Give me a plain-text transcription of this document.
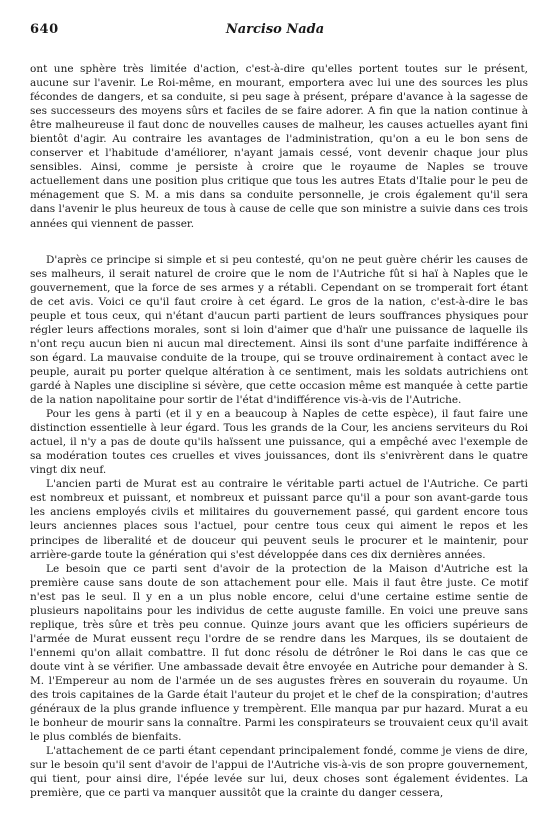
640	Narciso Nada

ont une sphère très limitée d'action, c'est-à-dire qu'elles portent toutes sur le présent, aucune sur l'avenir. Le Roi-même, en mourant, emportera avec lui une des sources les plus fécondes de dangers, et sa conduite, si peu sage à présent, prépare d'avance à la sagesse de ses successeurs des moyens sûrs et faciles de se faire adorer. A fin que la nation continue à être malheureuse il faut donc de nouvelles causes de malheur, les causes actuelles ayant fini bientôt d'agir. Au contraire les avantages de l'administration, qu'on a eu le bon sens de conserver et l'habitude d'améliorer, n'ayant jamais cessé, vont devenir chaque jour plus sensibles. Ainsi, comme je persiste à croire que le royaume de Naples se trouve actuellement dans une position plus critique que tous les autres Etats d'Italie pour le peu de ménagement que S. M. a mis dans sa conduite personnelle, je crois également qu'il sera dans l'avenir le plus heureux de tous à cause de celle que son ministre a suivie dans ces trois années qui viennent de passer.

D'après ce principe si simple et si peu contesté, qu'on ne peut guère chérir les causes de ses malheurs, il serait naturel de croire que le nom de l'Autriche fût si haï à Naples que le gouvernement, que la force de ses armes y a rétabli. Cependant on se tromperait fort étant de cet avis. Voici ce qu'il faut croire à cet égard. Le gros de la nation, c'est-à-dire le bas peuple et tous ceux, qui n'étant d'aucun parti partient de leurs souffrances physiques pour régler leurs affections morales, sont si loin d'aimer que d'haïr une puissance de laquelle ils n'ont reçu aucun bien ni aucun mal directement. Ainsi ils sont d'une parfaite indifférence à son égard. La mauvaise conduite de la troupe, qui se trouve ordinairement à contact avec le peuple, aurait pu porter quelque altération à ce sentiment, mais les soldats autrichiens ont gardé à Naples une discipline si sévère, que cette occasion même est manquée à cette partie de la nation napolitaine pour sortir de l'état d'indifférence vis-à-vis de l'Autriche.

Pour les gens à parti (et il y en a beaucoup à Naples de cette espèce), il faut faire une distinction essentielle à leur égard. Tous les grands de la Cour, les anciens serviteurs du Roi actuel, il n'y a pas de doute qu'ils haïssent une puissance, qui a empêché avec l'exemple de sa modération toutes ces cruelles et vives jouissances, dont ils s'enivrèrent dans le quatre vingt dix neuf.

L'ancien parti de Murat est au contraire le véritable parti actuel de l'Autriche. Ce parti est nombreux et puissant, et nombreux et puissant parce qu'il a pour son avant-garde tous les anciens employés civils et militaires du gouvernement passé, qui gardent encore tous leurs anciennes places sous l'actuel, pour centre tous ceux qui aiment le repos et les principes de liberalité et de douceur qui peuvent seuls le procurer et le maintenir, pour arrière-garde toute la génération qui s'est développée dans ces dix dernières années.

Le besoin que ce parti sent d'avoir de la protection de la Maison d'Autriche est la première cause sans doute de son attachement pour elle. Mais il faut être juste. Ce motif n'est pas le seul. Il y en a un plus noble encore, celui d'une certaine estime sentie de plusieurs napolitains pour les individus de cette auguste famille. En voici une preuve sans replique, très sûre et très peu connue. Quinze jours avant que les officiers supérieurs de l'armée de Murat eussent reçu l'ordre de se rendre dans les Marques, ils se doutaient de l'ennemi qu'on allait combattre. Il fut donc résolu de détrôner le Roi dans le cas que ce doute vint à se vérifier. Une ambassade devait être envoyée en Autriche pour demander à S. M. l'Empereur au nom de l'armée un de ses augustes frères en souverain du royaume. Un des trois capitaines de la Garde était l'auteur du projet et le chef de la conspiration; d'autres généraux de la plus grande influence y trempèrent. Elle manqua par pur hazard. Murat a eu le bonheur de mourir sans la connaître. Parmi les conspirateurs se trouvaient ceux qu'il avait le plus comblés de bienfaits.

L'attachement de ce parti étant cependant principalement fondé, comme je viens de dire, sur le besoin qu'il sent d'avoir de l'appui de l'Autriche vis-à-vis de son propre gouvernement, qui tient, pour ainsi dire, l'épée levée sur lui, deux choses sont également évidentes. La première, que ce parti va manquer aussitôt que la crainte du danger cessera,
